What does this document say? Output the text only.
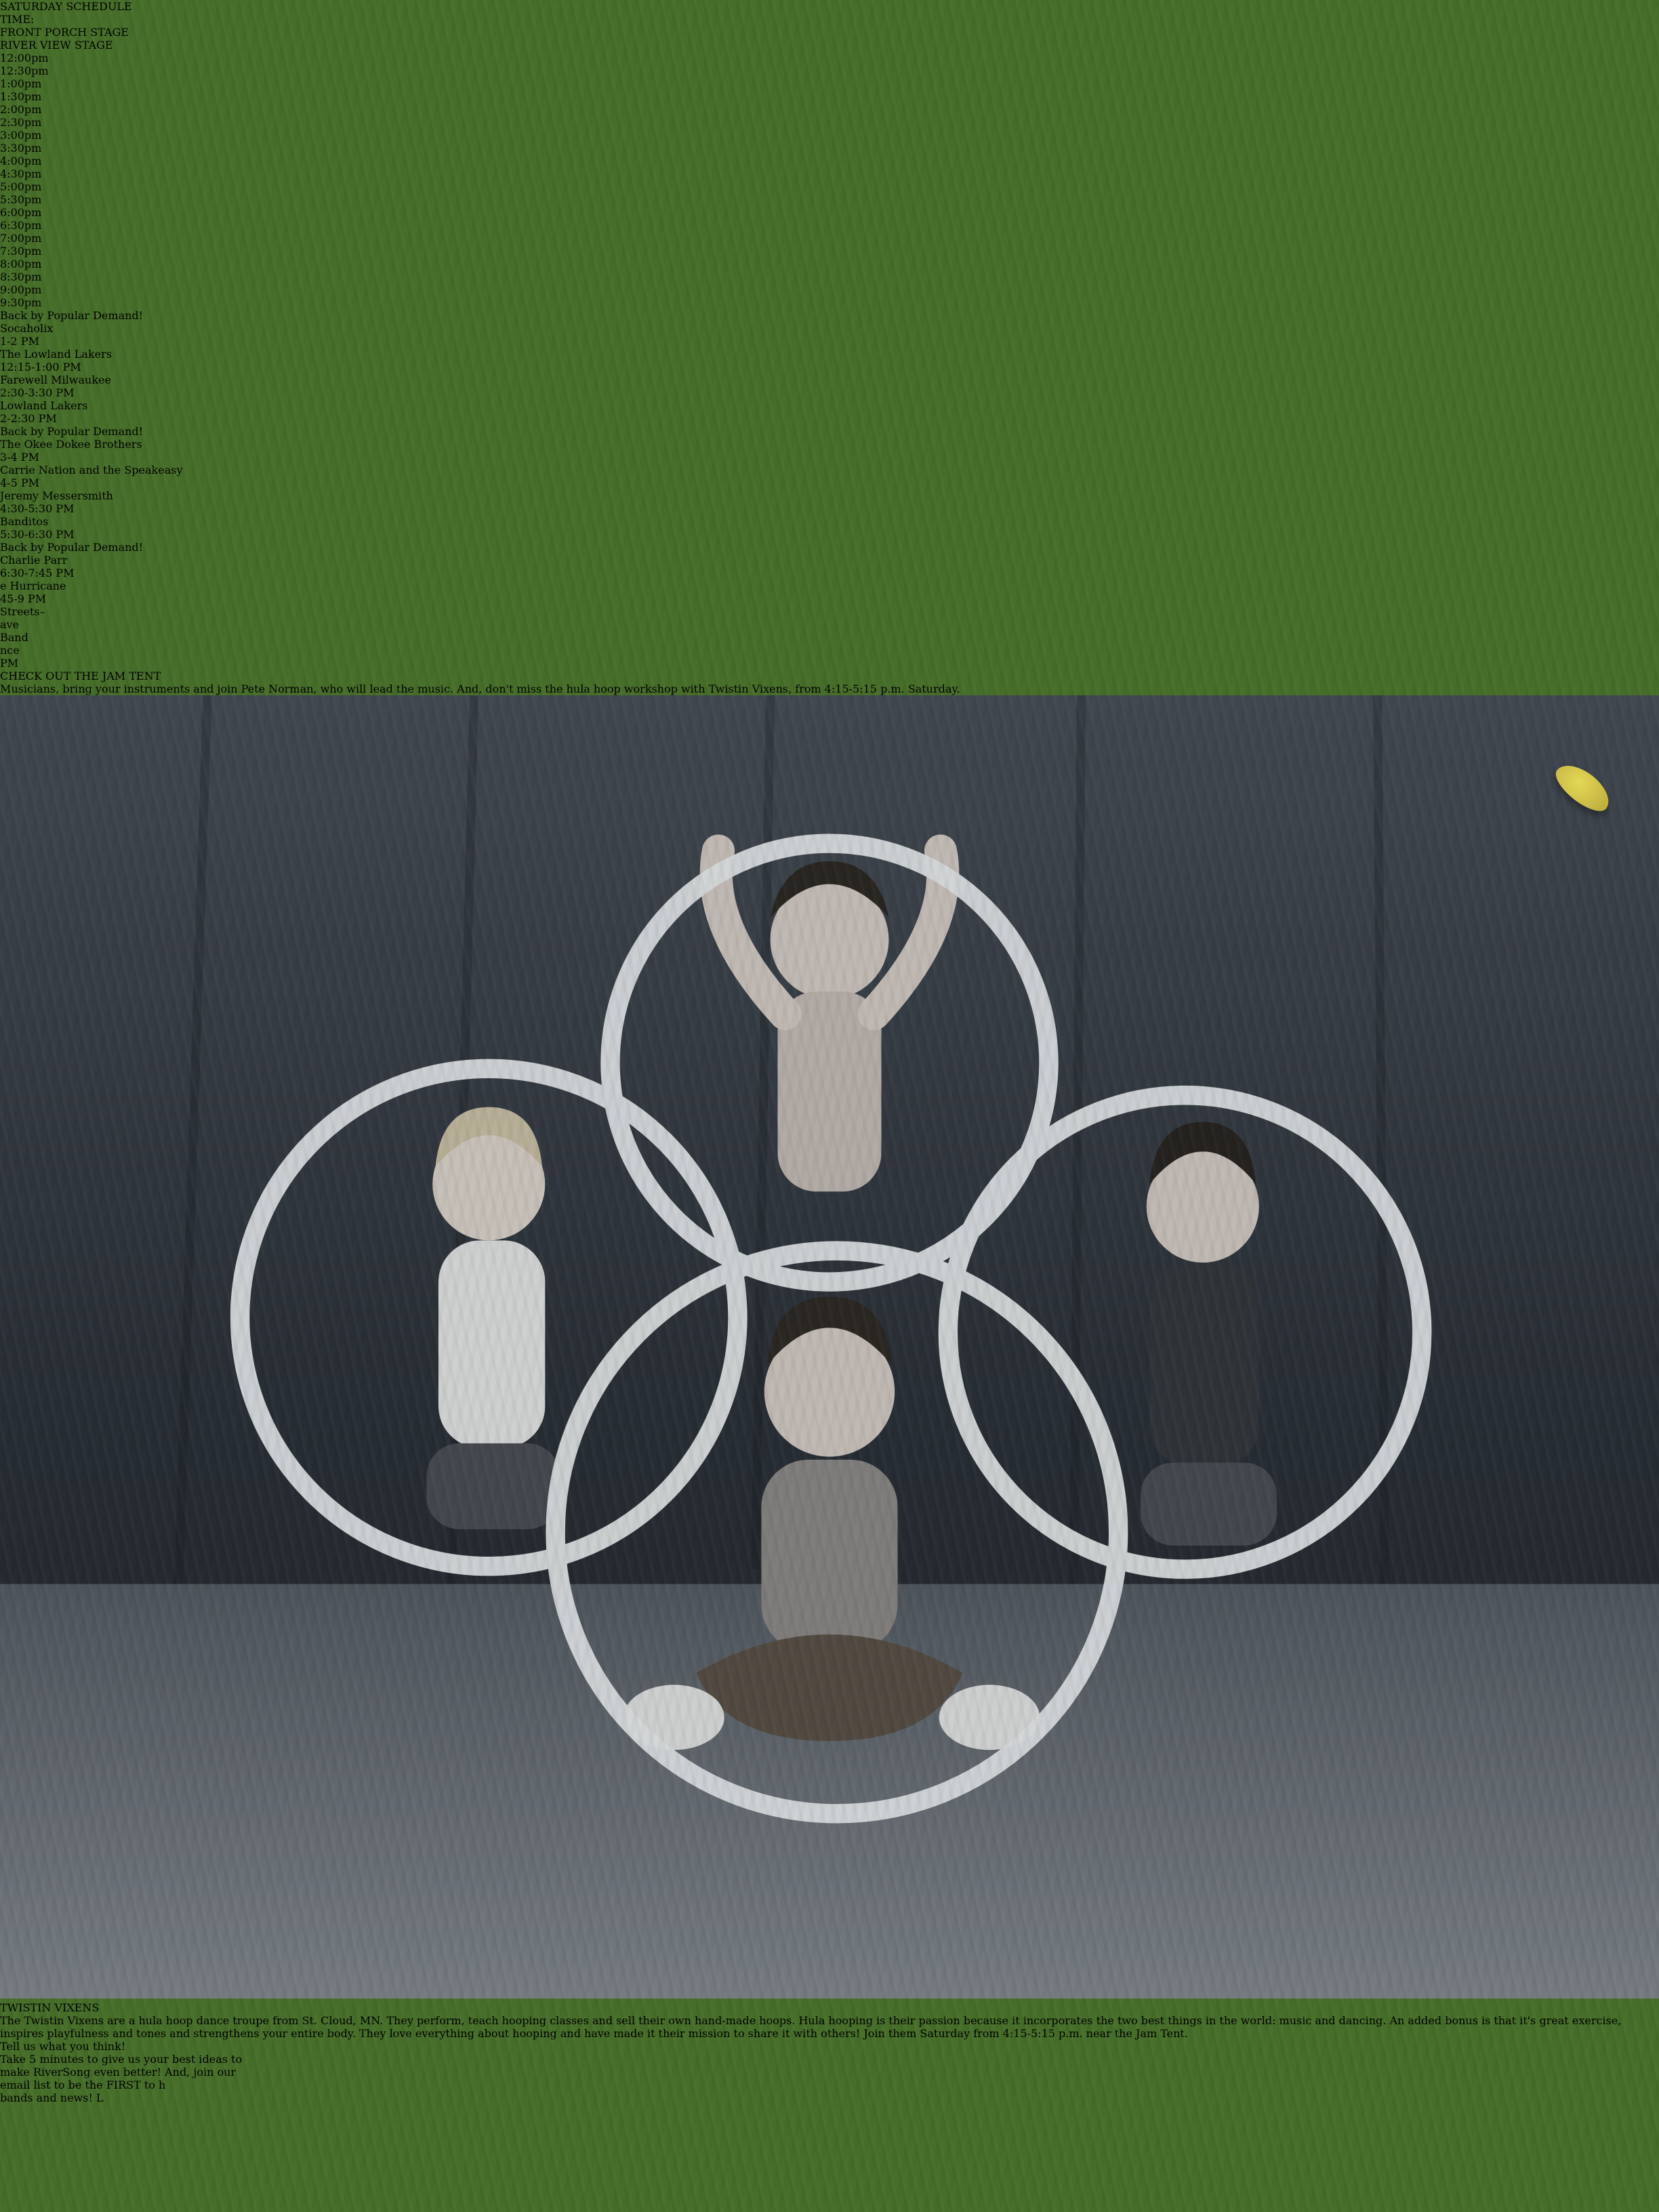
SATURDAY SCHEDULE
TIME:
FRONT PORCH STAGE
RIVER VIEW STAGE
12:00pm
12:30pm
1:00pm
1:30pm
2:00pm
2:30pm
3:00pm
3:30pm
4:00pm
4:30pm
5:00pm
5:30pm
6:00pm
6:30pm
7:00pm
7:30pm
8:00pm
8:30pm
9:00pm
9:30pm
Back by Popular Demand!
Socaholix
1-2 PM
The Lowland Lakers
12:15-1:00 PM
Farewell Milwaukee
2:30-3:30 PM
Lowland Lakers
2-2:30 PM
Back by Popular Demand!
The Okee Dokee Brothers
3-4 PM
Carrie Nation and the Speakeasy
4-5 PM
Jeremy Messersmith
4:30-5:30 PM
Banditos
5:30-6:30 PM
Back by Popular Demand!
Charlie Parr
6:30-7:45 PM
e Hurricane
45-9 PM
Streets–
ave
Band
nce
PM
CHECK OUT THE JAM TENT
Musicians, bring your instruments and join Pete Norman, who will lead the music. And, don't miss the hula hoop workshop with Twistin Vixens, from 4:15-5:15 p.m. Saturday.
TWISTIN VIXENS
The Twistin Vixens are a hula hoop dance troupe from St. Cloud, MN. They perform, teach hooping classes and sell their own hand-made hoops. Hula hooping is their passion because it incorporates the two best things in the world: music and dancing. An added bonus is that it's great exercise, inspires playfulness and tones and strengthens your entire body. They love everything about hooping and have made it their mission to share it with others! Join them Saturday from 4:15-5:15 p.m. near the Jam Tent.
Tell us what you think!
Take 5 minutes to give us your best ideas to
make RiverSong even better! And, join our
email list to be the FIRST to h
bands and news! L
